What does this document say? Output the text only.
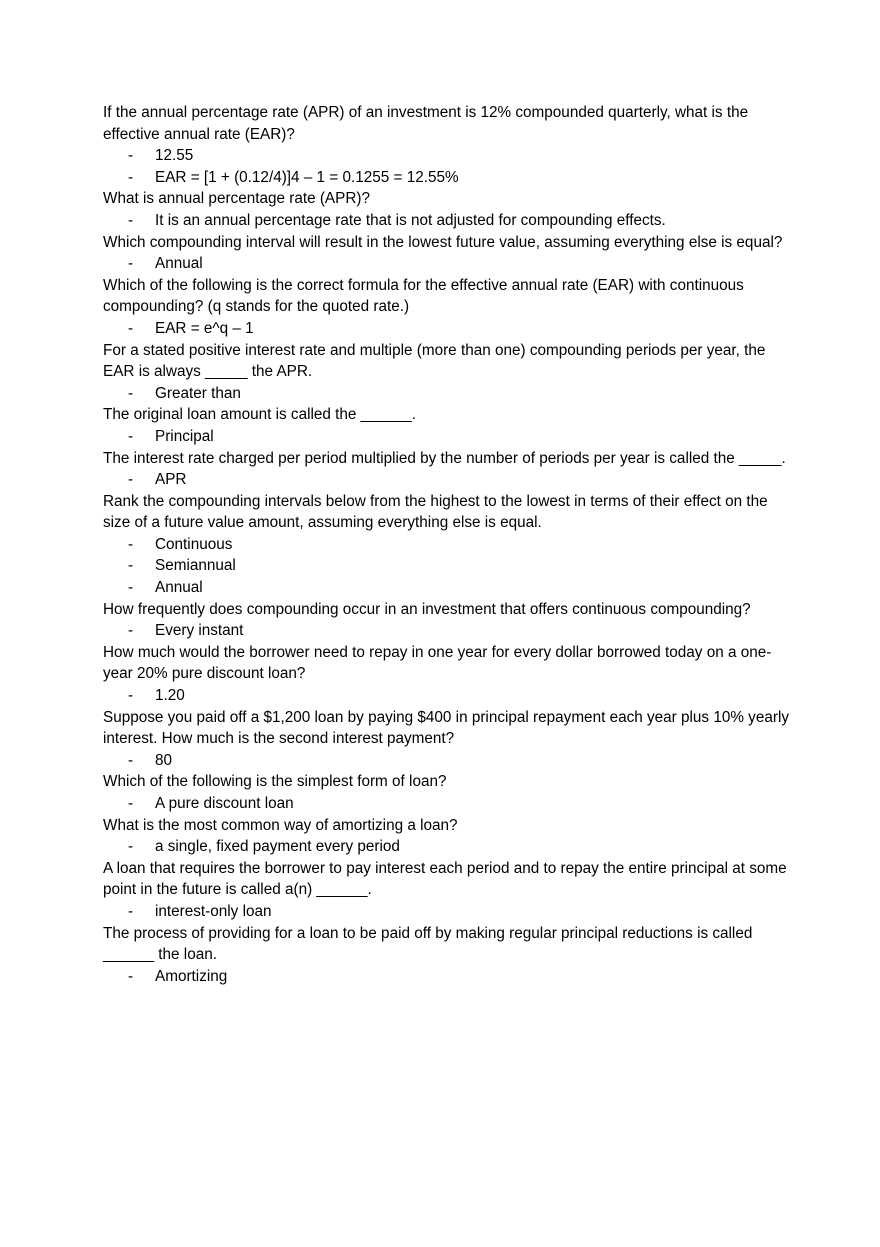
If the annual percentage rate (APR) of an investment is 12% compounded quarterly, what is the effective annual rate (EAR)?

- 12.55
- EAR = [1 + (0.12/4)]4 – 1 = 0.1255 = 12.55%

What is annual percentage rate (APR)?

- It is an annual percentage rate that is not adjusted for compounding effects.

Which compounding interval will result in the lowest future value, assuming everything else is equal?

- Annual

Which of the following is the correct formula for the effective annual rate (EAR) with continuous compounding? (q stands for the quoted rate.)

- EAR = e^q – 1

For a stated positive interest rate and multiple (more than one) compounding periods per year, the EAR is always _____ the APR.

- Greater than

The original loan amount is called the ______.

- Principal

The interest rate charged per period multiplied by the number of periods per year is called the _____.

- APR

Rank the compounding intervals below from the highest to the lowest in terms of their effect on the size of a future value amount, assuming everything else is equal.

- Continuous
- Semiannual
- Annual

How frequently does compounding occur in an investment that offers continuous compounding?

- Every instant

How much would the borrower need to repay in one year for every dollar borrowed today on a one-year 20% pure discount loan?

- 1.20

Suppose you paid off a $1,200 loan by paying $400 in principal repayment each year plus 10% yearly interest. How much is the second interest payment?

- 80

Which of the following is the simplest form of loan?

- A pure discount loan

What is the most common way of amortizing a loan?

- a single, fixed payment every period

A loan that requires the borrower to pay interest each period and to repay the entire principal at some point in the future is called a(n) ______.

- interest-only loan

The process of providing for a loan to be paid off by making regular principal reductions is called ______ the loan.

- Amortizing
